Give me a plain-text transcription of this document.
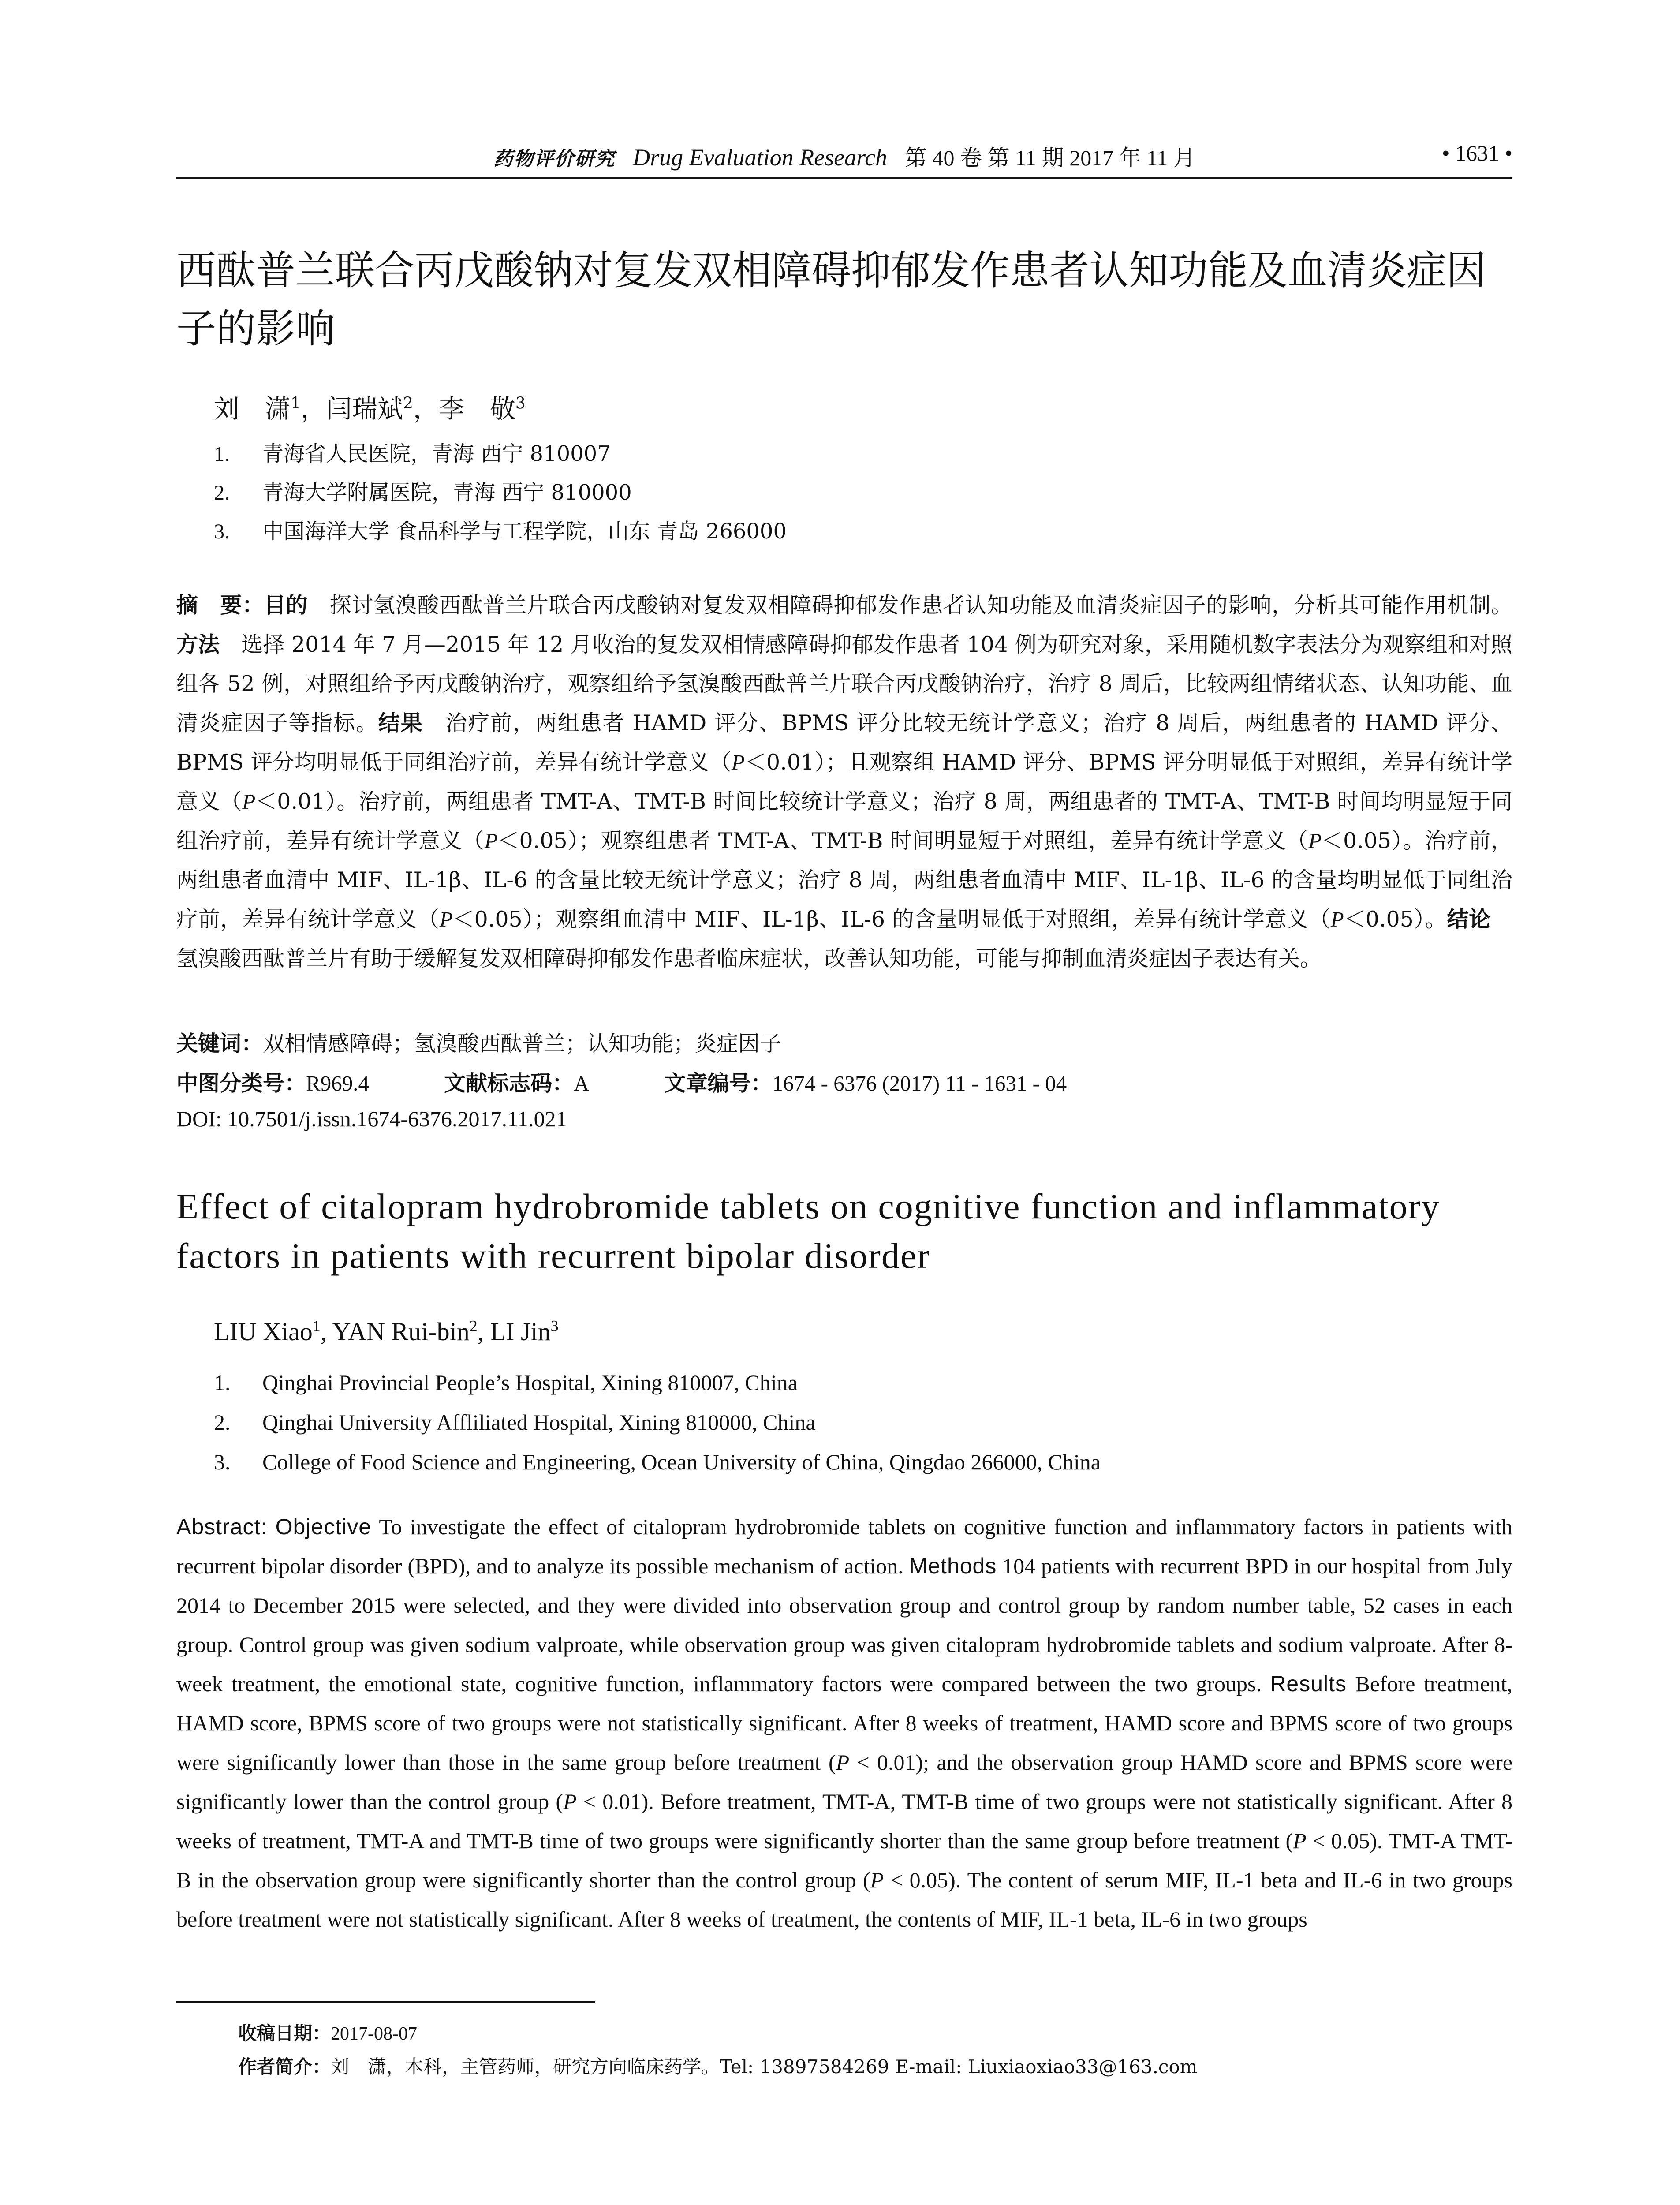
药物评价研究 Drug Evaluation Research 第 40 卷 第 11 期 2017 年 11 月	• 1631 •
西酞普兰联合丙戊酸钠对复发双相障碍抑郁发作患者认知功能及血清炎症因子的影响
刘　潇$^1$，闫瑞斌$^2$，李　敬$^3$
1. 青海省人民医院，青海 西宁 810007
2. 青海大学附属医院，青海 西宁 810000
3. 中国海洋大学 食品科学与工程学院，山东 青岛 266000
摘　要：目的　探讨氢溴酸西酞普兰片联合丙戊酸钠对复发双相障碍抑郁发作患者认知功能及血清炎症因子的影响，分析其可能作用机制。方法　选择 2014 年 7 月—2015 年 12 月收治的复发双相情感障碍抑郁发作患者 104 例为研究对象，采用随机数字表法分为观察组和对照组各 52 例，对照组给予丙戊酸钠治疗，观察组给予氢溴酸西酞普兰片联合丙戊酸钠治疗，治疗 8 周后，比较两组情绪状态、认知功能、血清炎症因子等指标。结果　治疗前，两组患者 HAMD 评分、BPMS 评分比较无统计学意义；治疗 8 周后，两组患者的 HAMD 评分、BPMS 评分均明显低于同组治疗前，差异有统计学意义（P＜0.01）；且观察组 HAMD 评分、BPMS 评分明显低于对照组，差异有统计学意义（P＜0.01）。治疗前，两组患者 TMT-A、TMT-B 时间比较统计学意义；治疗 8 周，两组患者的 TMT-A、TMT-B 时间均明显短于同组治疗前，差异有统计学意义（P＜0.05）；观察组患者 TMT-A、TMT-B 时间明显短于对照组，差异有统计学意义（P＜0.05）。治疗前，两组患者血清中 MIF、IL-1β、IL-6 的含量比较无统计学意义；治疗 8 周，两组患者血清中 MIF、IL-1β、IL-6 的含量均明显低于同组治疗前，差异有统计学意义（P＜0.05）；观察组血清中 MIF、IL-1β、IL-6 的含量明显低于对照组，差异有统计学意义（P＜0.05）。结论　氢溴酸西酞普兰片有助于缓解复发双相障碍抑郁发作患者临床症状，改善认知功能，可能与抑制血清炎症因子表达有关。
关键词：双相情感障碍；氢溴酸西酞普兰；认知功能；炎症因子
中图分类号：R969.4	文献标志码：A	文章编号：1674 - 6376 (2017) 11 - 1631 - 04
DOI: 10.7501/j.issn.1674-6376.2017.11.021
Effect of citalopram hydrobromide tablets on cognitive function and inflammatory factors in patients with recurrent bipolar disorder
LIU Xiao$^1$, YAN Rui-bin$^2$, LI Jin$^3$
1. Qinghai Provincial People’s Hospital, Xining 810007, China
2. Qinghai University Affliliated Hospital, Xining 810000, China
3. College of Food Science and Engineering, Ocean University of China, Qingdao 266000, China
Abstract: Objective To investigate the effect of citalopram hydrobromide tablets on cognitive function and inflammatory factors in patients with recurrent bipolar disorder (BPD), and to analyze its possible mechanism of action. Methods 104 patients with recurrent BPD in our hospital from July 2014 to December 2015 were selected, and they were divided into observation group and control group by random number table, 52 cases in each group. Control group was given sodium valproate, while observation group was given citalopram hydrobromide tablets and sodium valproate. After 8-week treatment, the emotional state, cognitive function, inflammatory factors were compared between the two groups. Results Before treatment, HAMD score, BPMS score of two groups were not statistically significant. After 8 weeks of treatment, HAMD score and BPMS score of two groups were significantly lower than those in the same group before treatment (P < 0.01); and the observation group HAMD score and BPMS score were significantly lower than the control group (P < 0.01). Before treatment, TMT-A, TMT-B time of two groups were not statistically significant. After 8 weeks of treatment, TMT-A and TMT-B time of two groups were significantly shorter than the same group before treatment (P < 0.05). TMT-A TMT-B in the observation group were significantly shorter than the control group (P < 0.05). The content of serum MIF, IL-1 beta and IL-6 in two groups before treatment were not statistically significant. After 8 weeks of treatment, the contents of MIF, IL-1 beta, IL-6 in two groups
收稿日期：2017-08-07
作者简介：刘　潇，本科，主管药师，研究方向临床药学。Tel: 13897584269 E-mail: Liuxiaoxiao33@163.com
